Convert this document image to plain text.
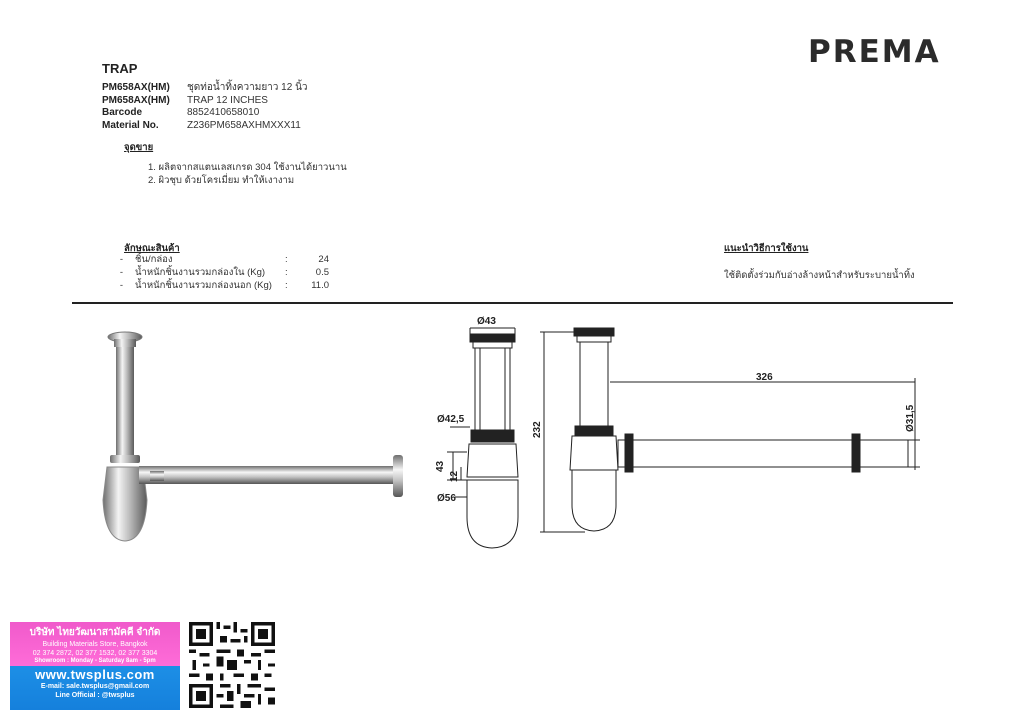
PREMA
TRAP
PM658AX(HM)	ชุดท่อน้ำทิ้งความยาว 12 นิ้ว
PM658AX(HM)	TRAP 12 INCHES
Barcode	8852410658010
Material No.	Z236PM658AXHMXXX11
จุดขาย
1. ผลิตจากสแตนเลสเกรด 304 ใช้งานได้ยาวนาน
2. ผิวชุบ ด้วยโครเมี่ยม ทำให้เงางาม
ลักษณะสินค้า
-	ชิ้น/กล่อง	:	24
-	น้ำหนักชิ้นงานรวมกล่องใน (Kg)	:	0.5
-	น้ำหนักชิ้นงานรวมกล่องนอก (Kg)	:	11.0
แนะนำวิธีการใช้งาน
ใช้ติดตั้งร่วมกับอ่างล้างหน้าสำหรับระบายน้ำทิ้ง
Ø43
Ø42,5
43
12
Ø56
232
326
Ø31,5
บริษัท ไทยวัฒนาสามัคคี จำกัด
Building Materials Store, Bangkok
02 374 2872, 02 377 1532, 02 377 3304
Showroom : Monday - Saturday 8am - 5pm
www.twsplus.com
E-mail: sale.twsplus@gmail.com
Line Official : @twsplus
